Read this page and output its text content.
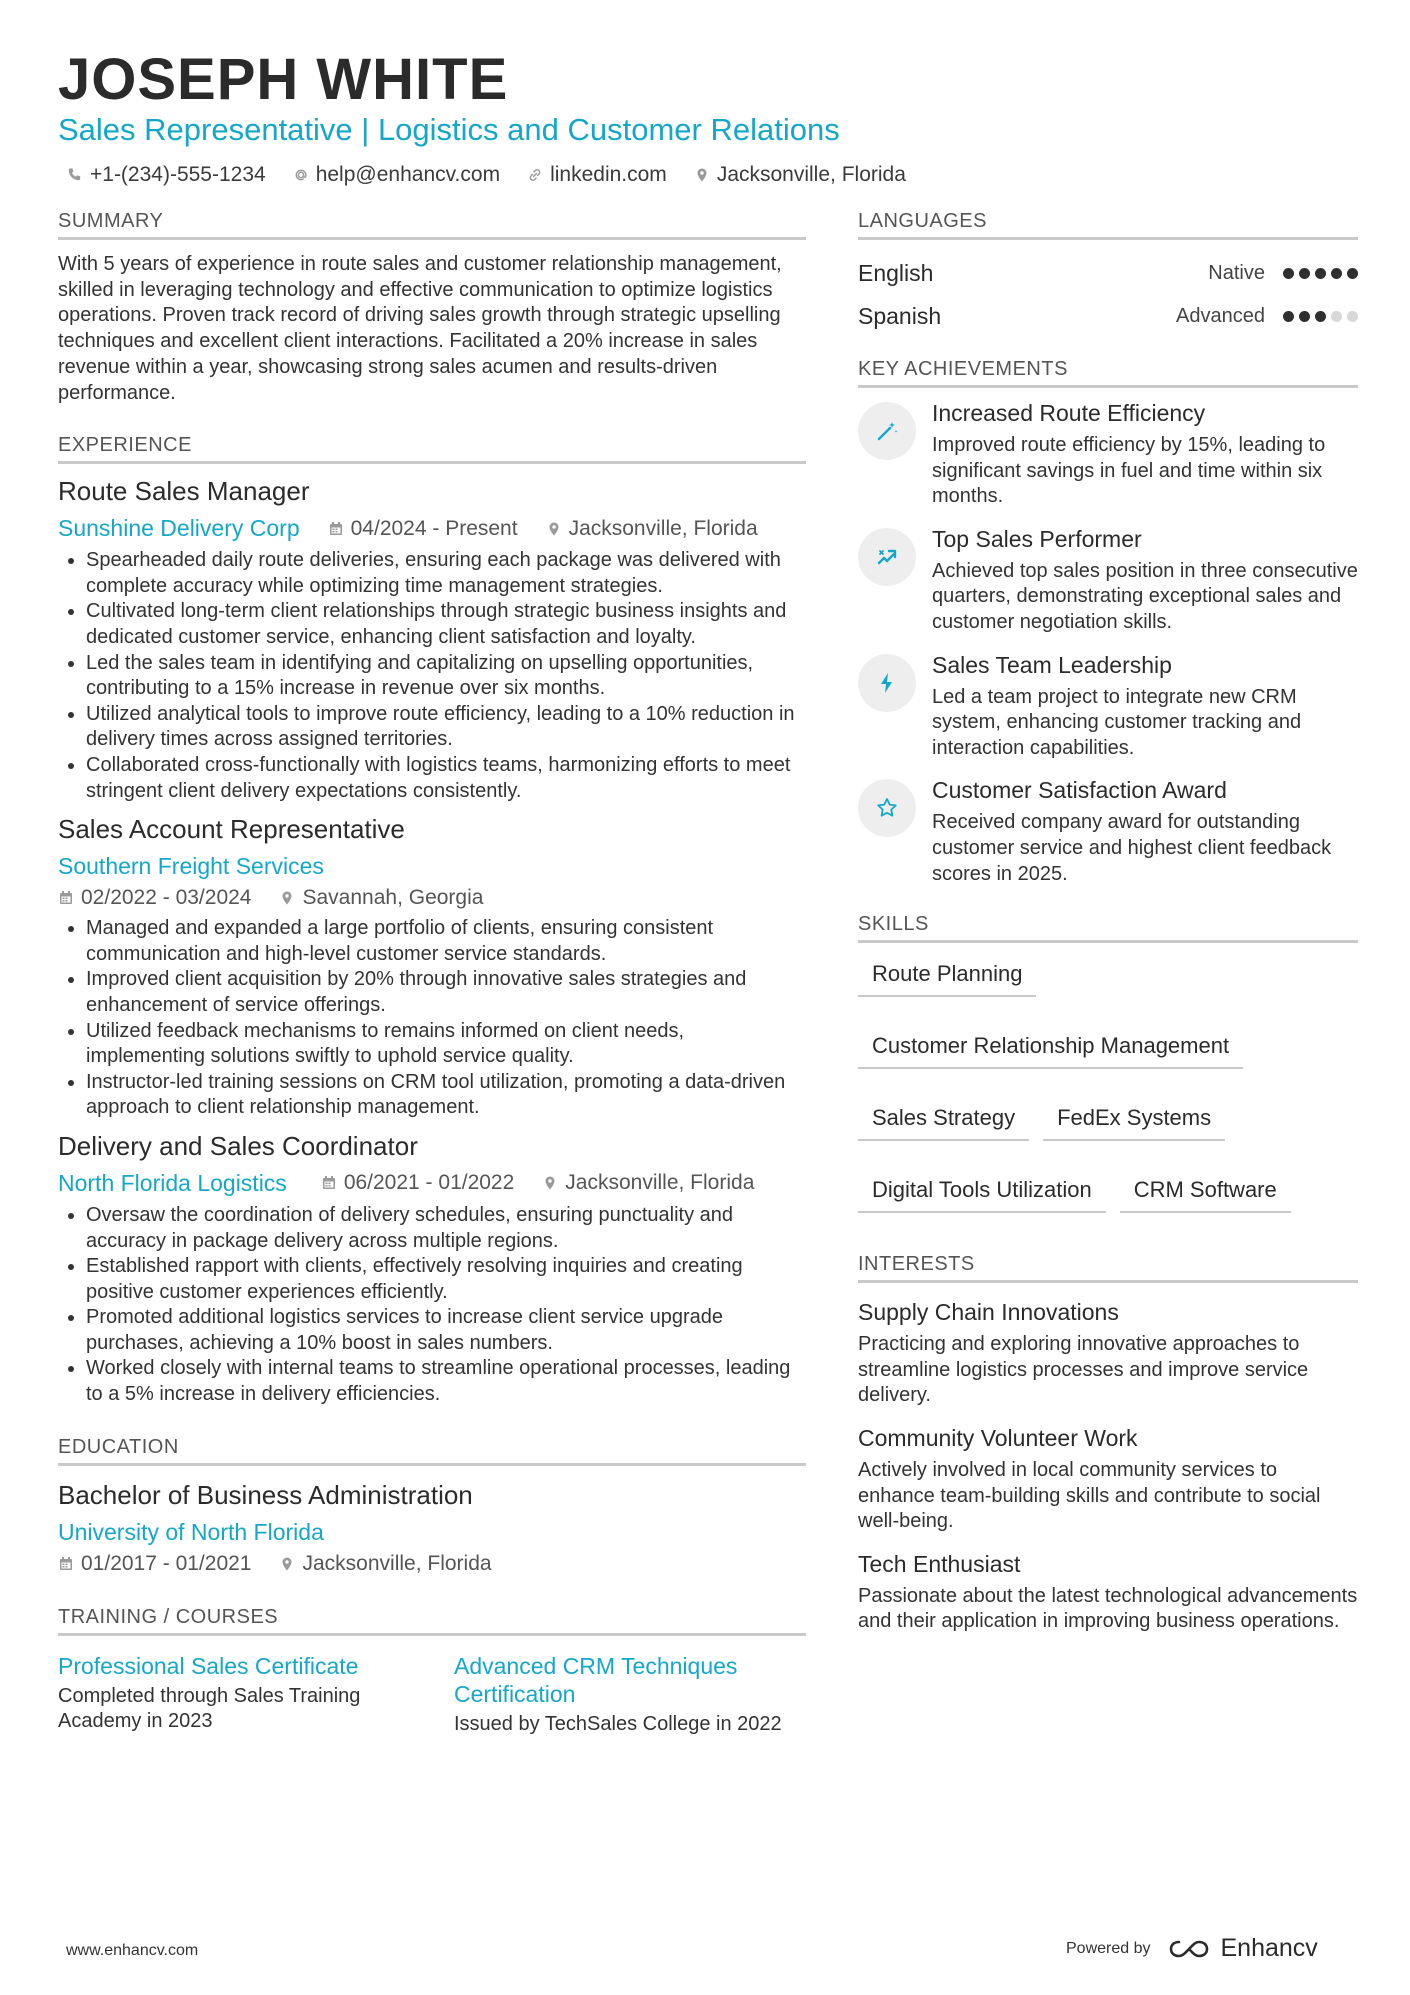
JOSEPH WHITE
Sales Representative | Logistics and Customer Relations
+1-(234)-555-1234 help@enhancv.com linkedin.com Jacksonville, Florida
SUMMARY

With 5 years of experience in route sales and customer relationship management, skilled in leveraging technology and effective communication to optimize logistics operations. Proven track record of driving sales growth through strategic upselling techniques and excellent client interactions. Facilitated a 20% increase in sales revenue within a year, showcasing strong sales acumen and results-driven performance.

EXPERIENCE
Route Sales Manager
Sunshine Delivery Corp 04/2024 - Present Jacksonville, Florida
• Spearheaded daily route deliveries, ensuring each package was delivered with complete accuracy while optimizing time management strategies.
• Cultivated long-term client relationships through strategic business insights and dedicated customer service, enhancing client satisfaction and loyalty.
• Led the sales team in identifying and capitalizing on upselling opportunities, contributing to a 15% increase in revenue over six months.
• Utilized analytical tools to improve route efficiency, leading to a 10% reduction in delivery times across assigned territories.
• Collaborated cross-functionally with logistics teams, harmonizing efforts to meet stringent client delivery expectations consistently.
Sales Account Representative
Southern Freight Services
02/2022 - 03/2024 Savannah, Georgia
• Managed and expanded a large portfolio of clients, ensuring consistent communication and high-level customer service standards.
• Improved client acquisition by 20% through innovative sales strategies and enhancement of service offerings.
• Utilized feedback mechanisms to remains informed on client needs, implementing solutions swiftly to uphold service quality.
• Instructor-led training sessions on CRM tool utilization, promoting a data-driven approach to client relationship management.
Delivery and Sales Coordinator
North Florida Logistics	06/2021 - 01/2022 Jacksonville, Florida
• Oversaw the coordination of delivery schedules, ensuring punctuality and accuracy in package delivery across multiple regions.
• Established rapport with clients, effectively resolving inquiries and creating positive customer experiences efficiently.
• Promoted additional logistics services to increase client service upgrade purchases, achieving a 10% boost in sales numbers.
• Worked closely with internal teams to streamline operational processes, leading to a 5% increase in delivery efficiencies.
EDUCATION
Bachelor of Business Administration
University of North Florida
01/2017 - 01/2021 Jacksonville, Florida
TRAINING / COURSES
Professional Sales Certificate
Completed through Sales Training Academy in 2023
Advanced CRM Techniques Certification
Issued by TechSales College in 2022
LANGUAGES
English	Native
Spanish	Advanced
KEY ACHIEVEMENTS
Increased Route Efficiency
Improved route efficiency by 15%, leading to significant savings in fuel and time within six months.
Top Sales Performer
Achieved top sales position in three consecutive quarters, demonstrating exceptional sales and customer negotiation skills.
Sales Team Leadership
Led a team project to integrate new CRM system, enhancing customer tracking and interaction capabilities.
Customer Satisfaction Award
Received company award for outstanding customer service and highest client feedback scores in 2025.
SKILLS
Route Planning
Customer Relationship Management
Sales Strategy	FedEx Systems
Digital Tools Utilization	CRM Software
INTERESTS
Supply Chain Innovations
Practicing and exploring innovative approaches to streamline logistics processes and improve service delivery.
Community Volunteer Work
Actively involved in local community services to enhance team-building skills and contribute to social well-being.
Tech Enthusiast
Passionate about the latest technological advancements and their application in improving business operations.
www.enhancv.com	Powered by	Enhancv
